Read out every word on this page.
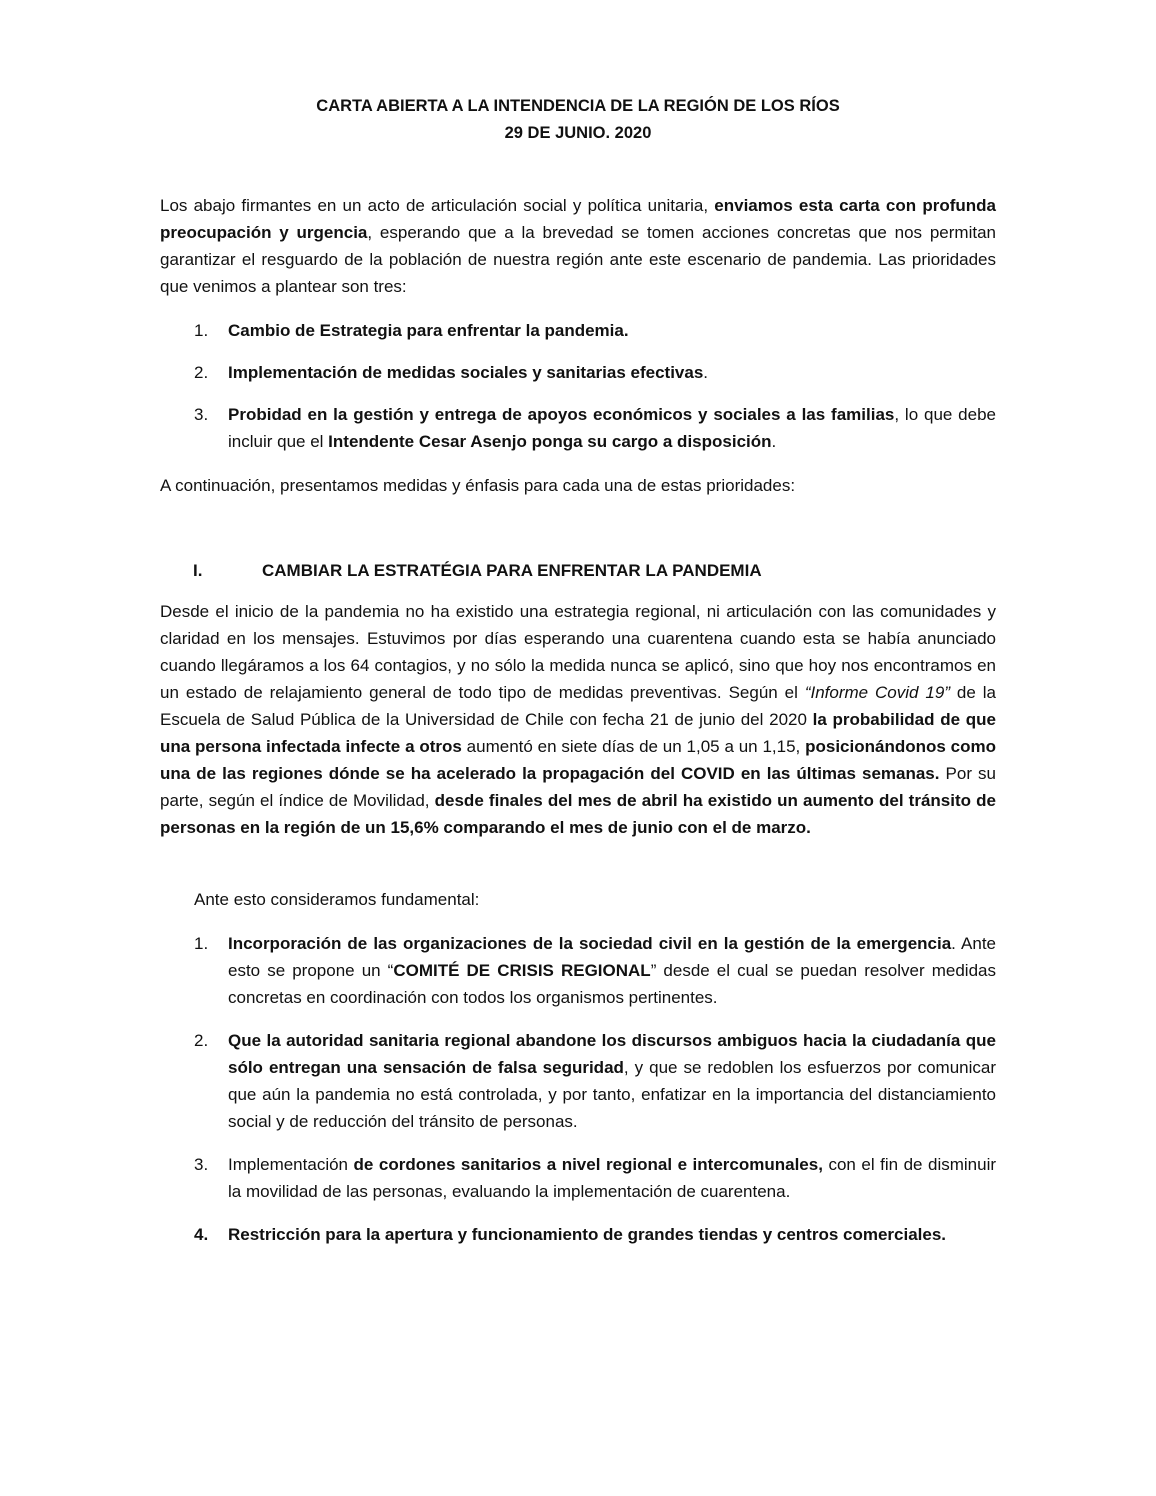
CARTA ABIERTA A LA INTENDENCIA DE LA REGIÓN DE LOS RÍOS
29 DE JUNIO. 2020

Los abajo firmantes en un acto de articulación social y política unitaria, enviamos esta carta con profunda preocupación y urgencia, esperando que a la brevedad se tomen acciones concretas que nos permitan garantizar el resguardo de la población de nuestra región ante este escenario de pandemia. Las prioridades que venimos a plantear son tres:

1. Cambio de Estrategia para enfrentar la pandemia.

2. Implementación de medidas sociales y sanitarias efectivas.

3. Probidad en la gestión y entrega de apoyos económicos y sociales a las familias, lo que debe incluir que el Intendente Cesar Asenjo ponga su cargo a disposición.

A continuación, presentamos medidas y énfasis para cada una de estas prioridades:

I.	CAMBIAR LA ESTRATÉGIA PARA ENFRENTAR LA PANDEMIA

Desde el inicio de la pandemia no ha existido una estrategia regional, ni articulación con las comunidades y claridad en los mensajes. Estuvimos por días esperando una cuarentena cuando esta se había anunciado cuando llegáramos a los 64 contagios, y no sólo la medida nunca se aplicó, sino que hoy nos encontramos en un estado de relajamiento general de todo tipo de medidas preventivas. Según el “Informe Covid 19” de la Escuela de Salud Pública de la Universidad de Chile con fecha 21 de junio del 2020 la probabilidad de que una persona infectada infecte a otros aumentó en siete días de un 1,05 a un 1,15, posicionándonos como una de las regiones dónde se ha acelerado la propagación del COVID en las últimas semanas. Por su parte, según el índice de Movilidad, desde finales del mes de abril ha existido un aumento del tránsito de personas en la región de un 15,6% comparando el mes de junio con el de marzo.

Ante esto consideramos fundamental:

1. Incorporación de las organizaciones de la sociedad civil en la gestión de la emergencia. Ante esto se propone un “COMITÉ DE CRISIS REGIONAL” desde el cual se puedan resolver medidas concretas en coordinación con todos los organismos pertinentes.

2. Que la autoridad sanitaria regional abandone los discursos ambiguos hacia la ciudadanía que sólo entregan una sensación de falsa seguridad, y que se redoblen los esfuerzos por comunicar que aún la pandemia no está controlada, y por tanto, enfatizar en la importancia del distanciamiento social y de reducción del tránsito de personas.

3. Implementación de cordones sanitarios a nivel regional e intercomunales, con el fin de disminuir la movilidad de las personas, evaluando la implementación de cuarentena.

4. Restricción para la apertura y funcionamiento de grandes tiendas y centros comerciales.
